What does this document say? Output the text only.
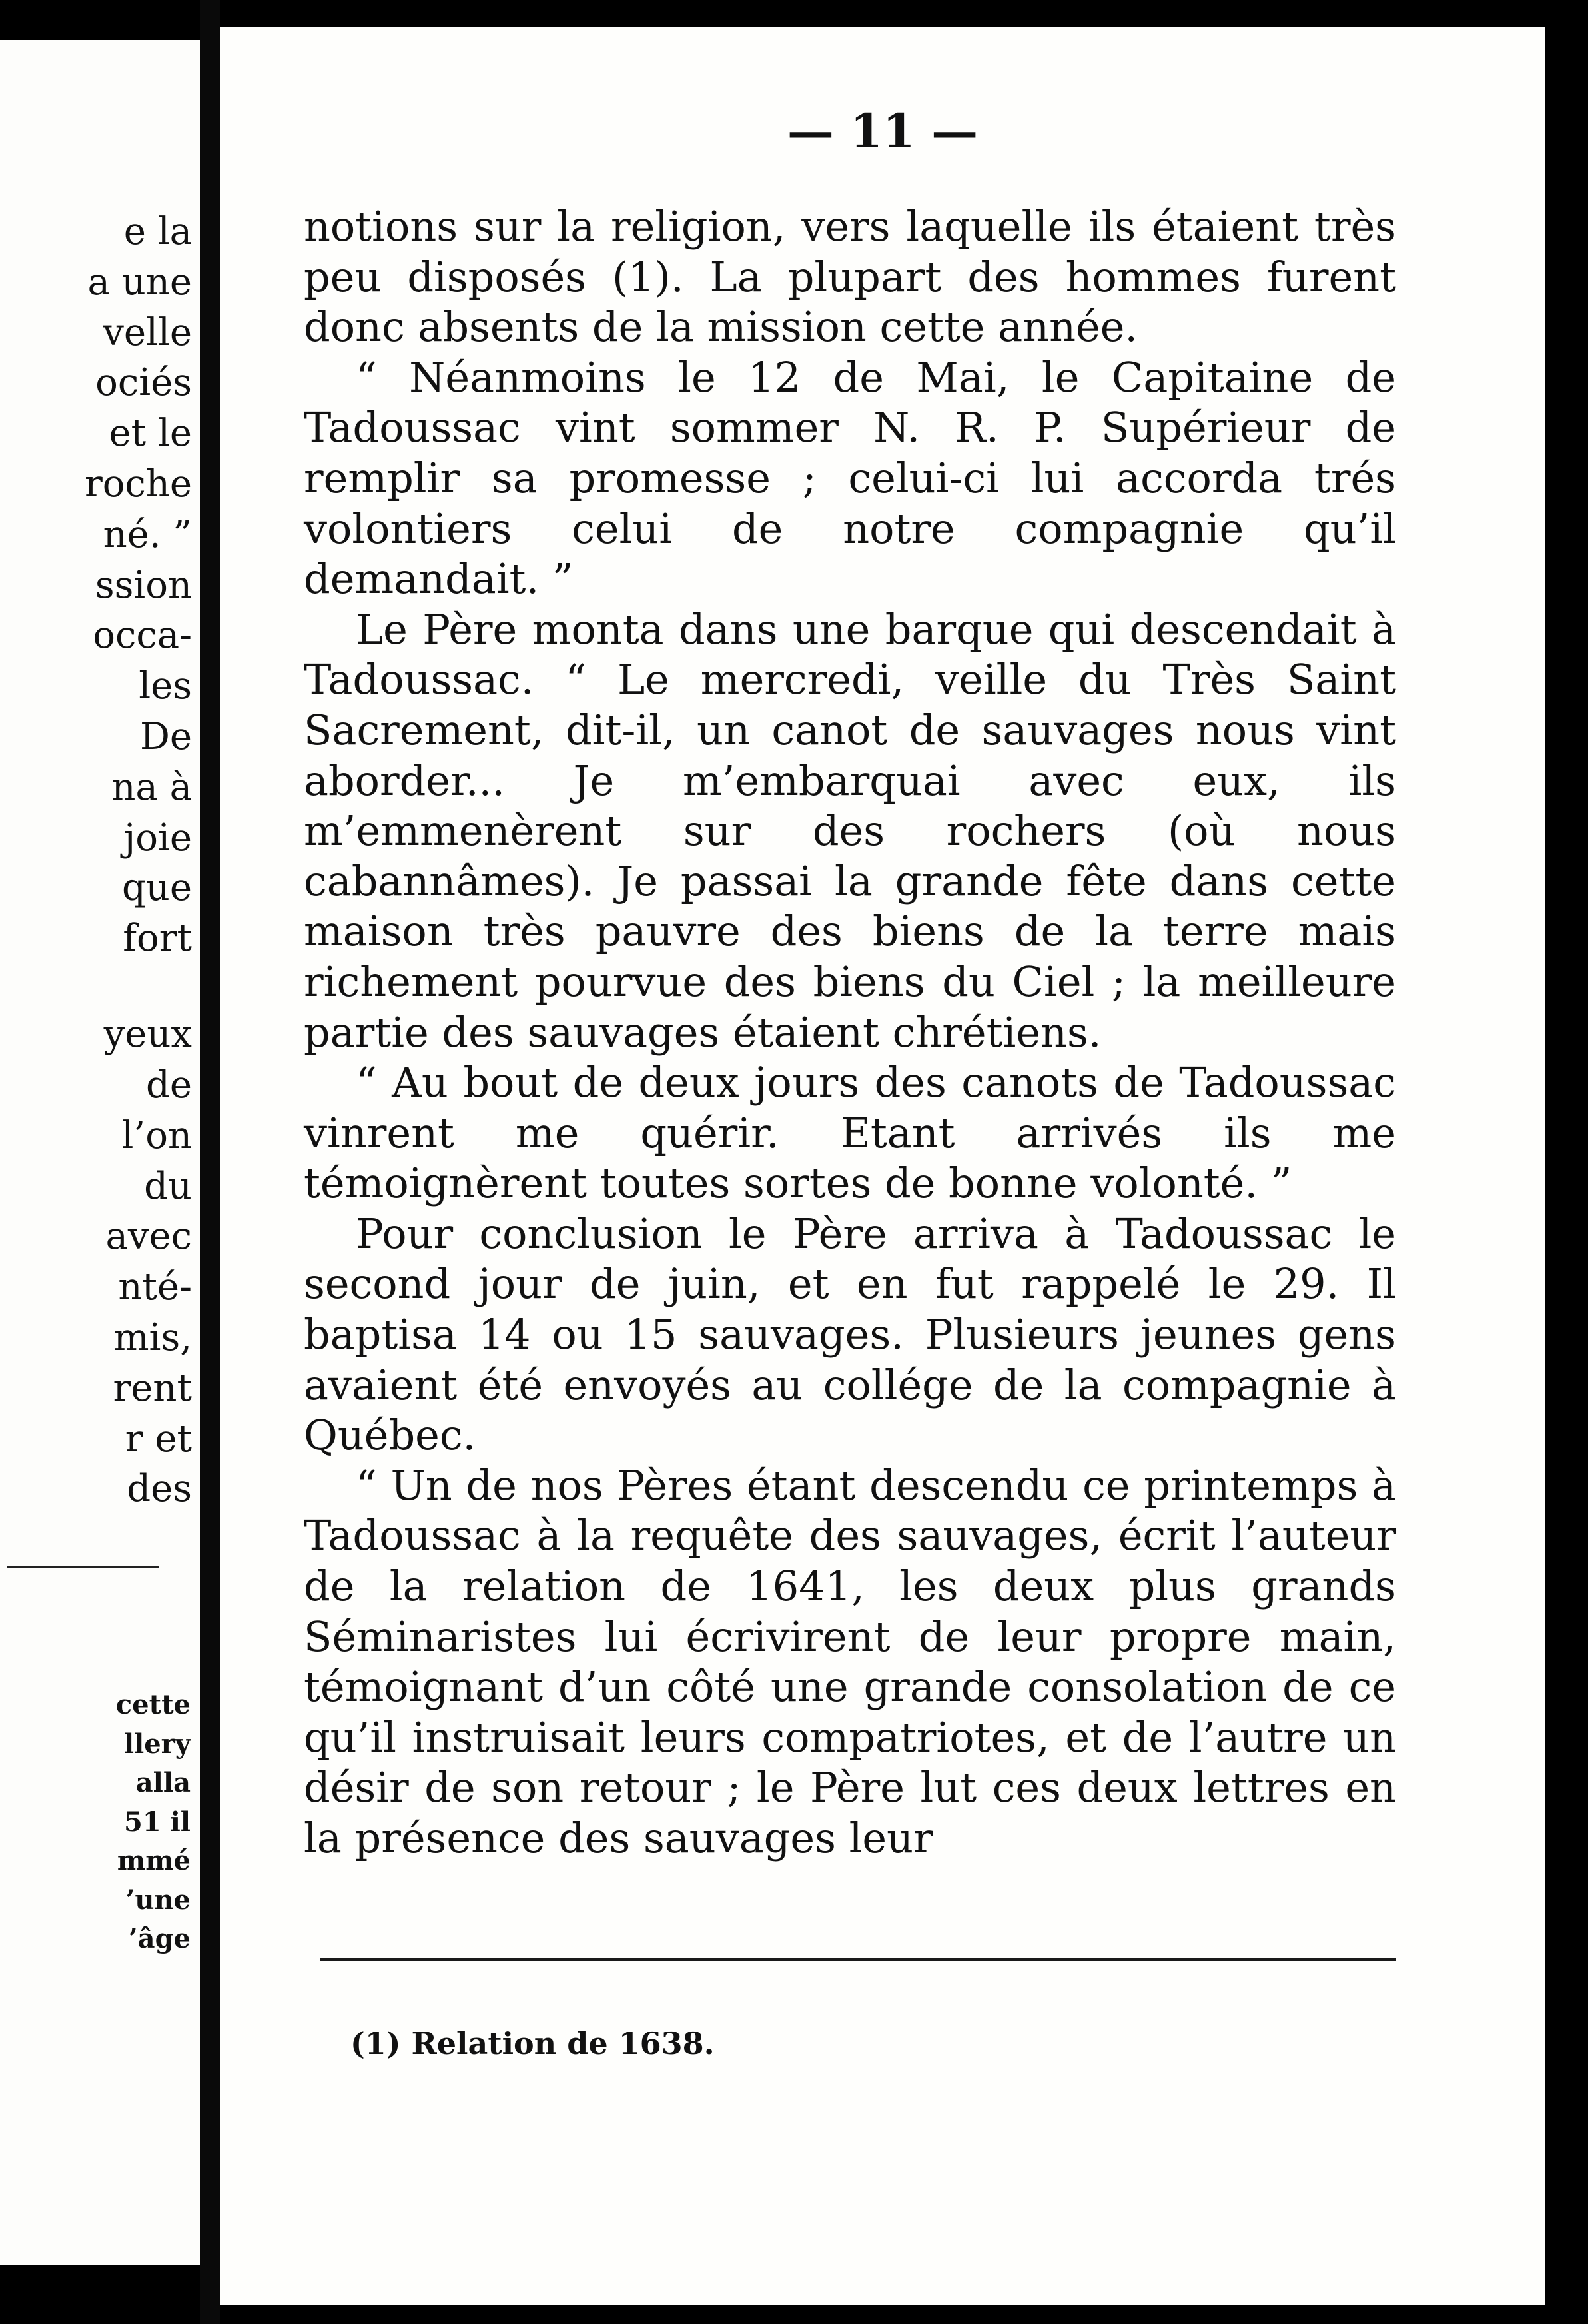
e la
a une
velle
ociés
et le
roche
né. ”
ssion
occa-
les
De
na à
joie
que
fort
yeux
de
l’on
du
avec
nté-
mis,
rent
r et
des
cette
llery
alla
51 il
mmé
’une
’âge
— 11 —

notions sur la religion, vers laquelle ils étaient très peu disposés (1). La plupart des hommes furent donc absents de la mission cette année.

“ Néanmoins le 12 de Mai, le Capitaine de Tadoussac vint sommer N. R. P. Supérieur de remplir sa promesse ; celui-ci lui accorda trés volontiers celui de notre compagnie qu’il demandait. ”

Le Père monta dans une barque qui descendait à Tadoussac. “ Le mercredi, veille du Très Saint Sacrement, dit-il, un canot de sauvages nous vint aborder... Je m’embarquai avec eux, ils m’emmenèrent sur des rochers (où nous cabannâmes). Je passai la grande fête dans cette maison très pauvre des biens de la terre mais richement pourvue des biens du Ciel ; la meilleure partie des sauvages étaient chrétiens.

“ Au bout de deux jours des canots de Tadoussac vinrent me quérir. Etant arrivés ils me témoignèrent toutes sortes de bonne volonté. ”

Pour conclusion le Père arriva à Tadoussac le second jour de juin, et en fut rappelé le 29. Il baptisa 14 ou 15 sauvages. Plusieurs jeunes gens avaient été envoyés au collége de la compagnie à Québec.

“ Un de nos Pères étant descendu ce printemps à Tadoussac à la requête des sauvages, écrit l’auteur de la relation de 1641, les deux plus grands Séminaristes lui écrivirent de leur propre main, témoignant d’un côté une grande consolation de ce qu’il instruisait leurs compatriotes, et de l’autre un désir de son retour ; le Père lut ces deux lettres en la présence des sauvages leur

(1) Relation de 1638.
